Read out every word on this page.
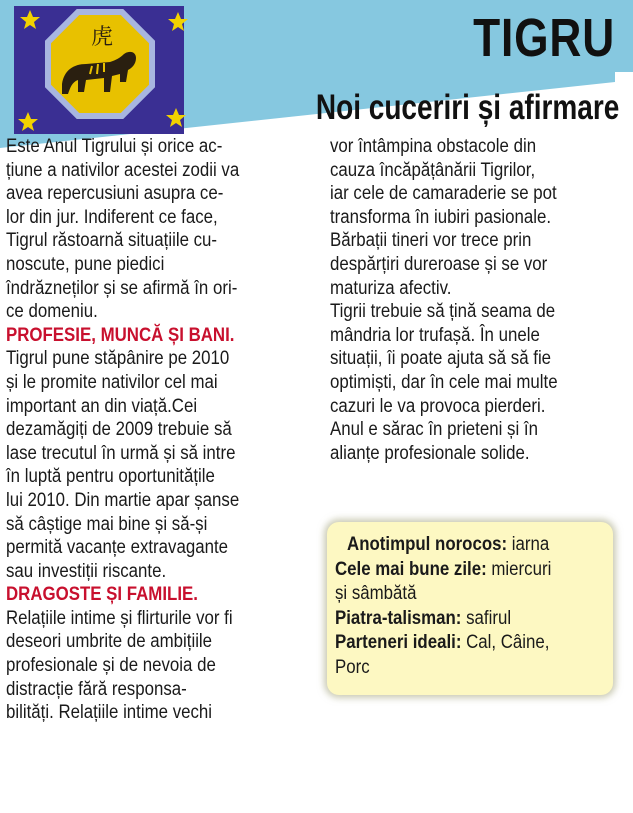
虎	TIGRU
Noi cuceriri și afirmare

Este Anul Tigrului și orice ac-

țiune a nativilor acestei zodii va

avea repercusiuni asupra ce-

lor din jur. Indiferent ce face,

Tigrul răstoarnă situațiile cu-

noscute, pune piedici

îndrăzneților și se afirmă în ori-

ce domeniu.

PROFESIE, MUNCĂ ȘI BANI.

Tigrul pune stăpânire pe 2010

și le promite nativilor cel mai

important an din viață.Cei

dezamăgiți de 2009 trebuie să

lase trecutul în urmă și să intre

în luptă pentru oportunitățile

lui 2010. Din martie apar șanse

să câștige mai bine și să-și

permită vacanțe extravagante

sau investiții riscante.

DRAGOSTE ȘI FAMILIE.

Relațiile intime și flirturile vor fi

deseori umbrite de ambițiile

profesionale și de nevoia de

distracție fără responsa-

bilități. Relațiile intime vechi

vor întâmpina obstacole din

cauza încăpățânării Tigrilor,

iar cele de camaraderie se pot

transforma în iubiri pasionale.

Bărbații tineri vor trece prin

despărțiri dureroase și se vor

maturiza afectiv.

Tigrii trebuie să țină seama de

mândria lor trufașă. În unele

situații, îi poate ajuta să să fie

optimiști, dar în cele mai multe

cazuri le va provoca pierderi.

Anul e sărac în prieteni și în

alianțe profesionale solide.

Anotimpul norocos: iarna

Cele mai bune zile: miercuri

și sâmbătă

Piatra-talisman: safirul

Parteneri ideali: Cal, Câine,

Porc
